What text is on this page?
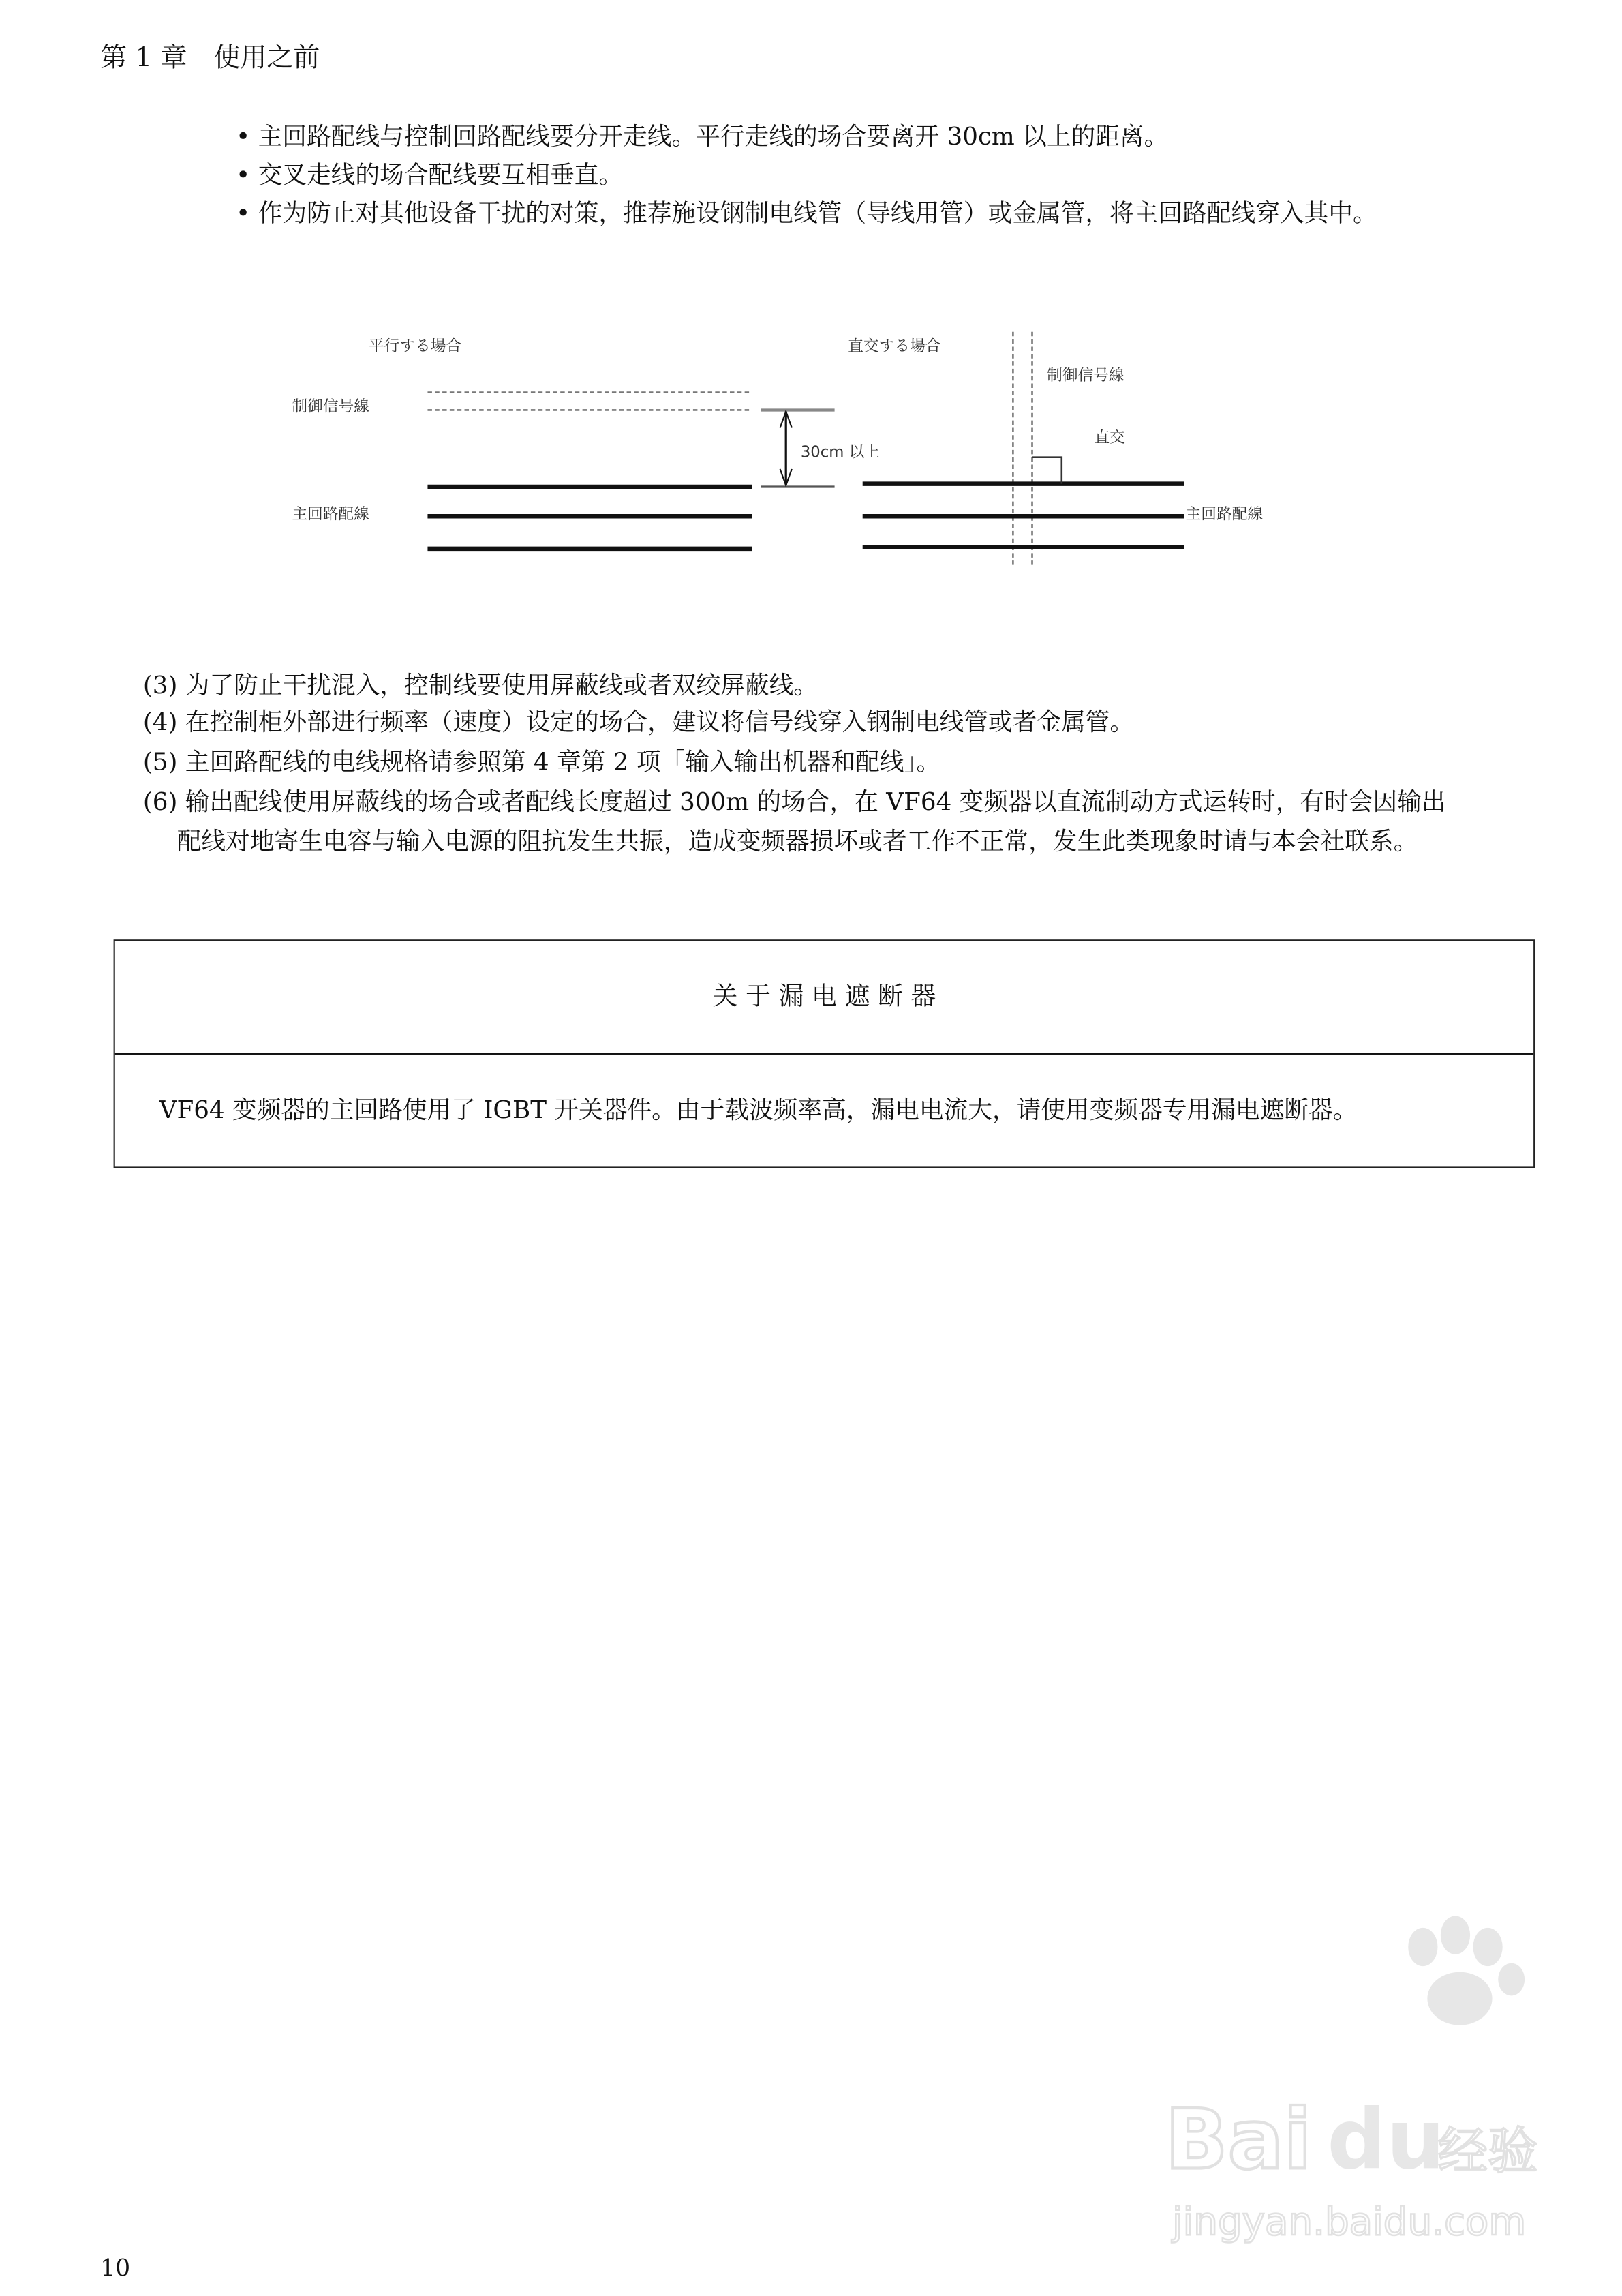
第 1 章　使用之前
• 主回路配线与控制回路配线要分开走线。平行走线的场合要离开 30cm 以上的距离。
• 交叉走线的场合配线要互相垂直。
• 作为防止对其他设备干扰的对策，推荐施设钢制电线管（导线用管）或金属管，将主回路配线穿入其中。
平行する場合	直交する場合
制御信号線
制御信号線
30cm 以上
直交
主回路配線	主回路配線
(3) 为了防止干扰混入，控制线要使用屏蔽线或者双绞屏蔽线。
(4) 在控制柜外部进行频率（速度）设定的场合，建议将信号线穿入钢制电线管或者金属管。
(5) 主回路配线的电线规格请参照第 4 章第 2 项「输入输出机器和配线」。
(6) 输出配线使用屏蔽线的场合或者配线长度超过 300m 的场合，在 VF64 变频器以直流制动方式运转时，有时会因输出
配线对地寄生电容与输入电源的阻抗发生共振，造成变频器损坏或者工作不正常，发生此类现象时请与本会社联系。
关 于 漏 电 遮 断 器
VF64 变频器的主回路使用了 IGBT 开关器件。由于载波频率高，漏电电流大，请使用变频器专用漏电遮断器。
10
Bai du
经验
jingyan.baidu.com
